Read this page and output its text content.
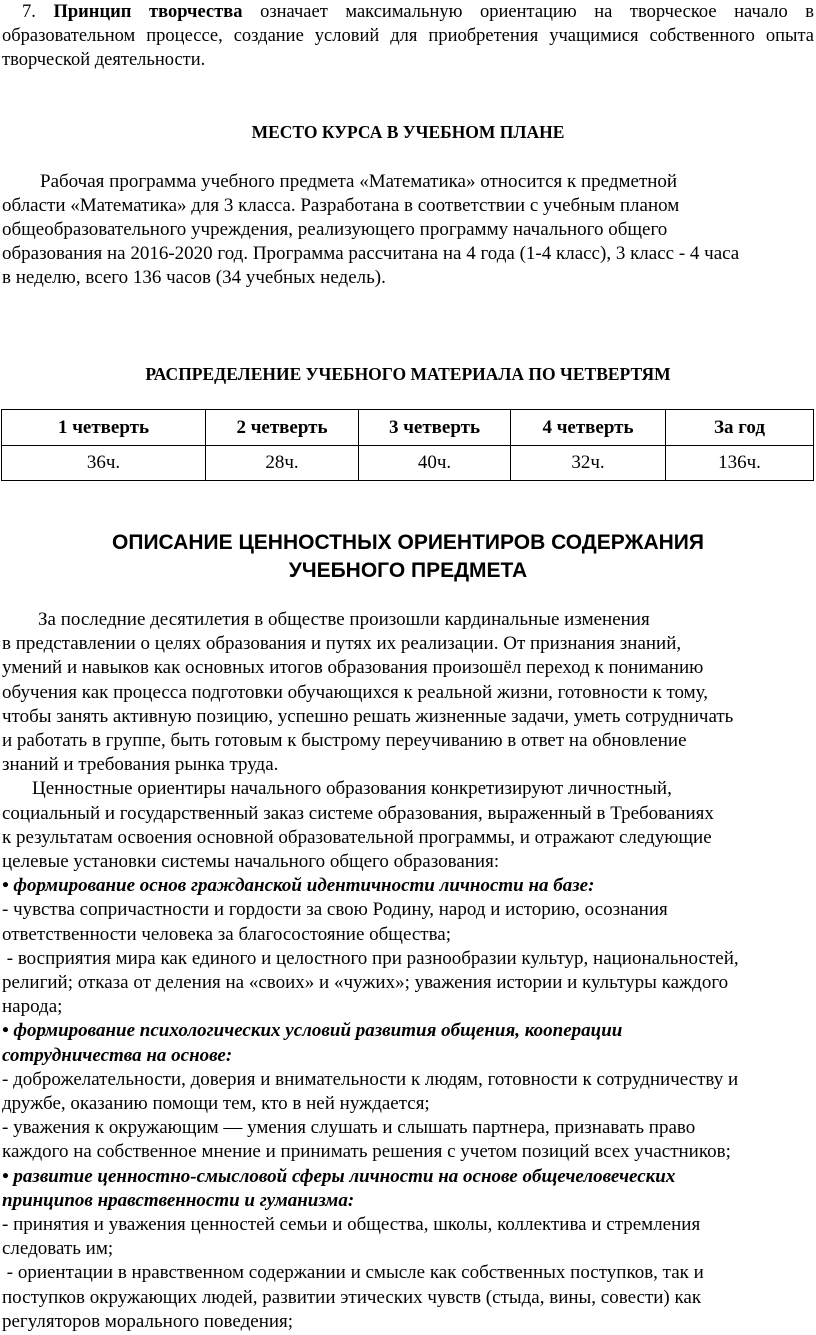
7. Принцип творчества означает максимальную ориентацию на творческое начало в образовательном процессе, создание условий для приобретения учащимися собственного опыта творческой деятельности.

МЕСТО КУРСА В УЧЕБНОМ ПЛАНЕ
Рабочая программа учебного предмета «Математика» относится к предметной
области «Математика» для 3 класса. Разработана в соответствии с учебным планом
общеобразовательного учреждения, реализующего программу начального общего
образования на 2016-2020 год. Программа рассчитана на 4 года (1-4 класс), 3 класс - 4 часа
в неделю, всего 136 часов (34 учебных недель).
РАСПРЕДЕЛЕНИЕ УЧЕБНОГО МАТЕРИАЛА ПО ЧЕТВЕРТЯМ
1 четверть	2 четверть	3 четверть	4 четверть	За год
36ч.	28ч.	40ч.	32ч.	136ч.
ОПИСАНИЕ ЦЕННОСТНЫХ ОРИЕНТИРОВ СОДЕРЖАНИЯ
УЧЕБНОГО ПРЕДМЕТА
За последние десятилетия в обществе произошли кардинальные изменения
в представлении о целях образования и путях их реализации. От признания знаний,
умений и навыков как основных итогов образования произошёл переход к пониманию
обучения как процесса подготовки обучающихся к реальной жизни, готовности к тому,
чтобы занять активную позицию, успешно решать жизненные задачи, уметь сотрудничать
и работать в группе, быть готовым к быстрому переучиванию в ответ на обновление
знаний и требования рынка труда.
Ценностные ориентиры начального образования конкретизируют личностный,
социальный и государственный заказ системе образования, выраженный в Требованиях
к результатам освоения основной образовательной программы, и отражают следующие
целевые установки системы начального общего образования:
• формирование основ гражданской идентичности личности на базе:
- чувства сопричастности и гордости за свою Родину, народ и историю, осознания
ответственности человека за благосостояние общества;
- восприятия мира как единого и целостного при разнообразии культур, национальностей,
религий; отказа от деления на «своих» и «чужих»; уважения истории и культуры каждого
народа;
• формирование психологических условий развития общения, кооперации
сотрудничества на основе:
- доброжелательности, доверия и внимательности к людям, готовности к сотрудничеству и
дружбе, оказанию помощи тем, кто в ней нуждается;
- уважения к окружающим — умения слушать и слышать партнера, признавать право
каждого на собственное мнение и принимать решения с учетом позиций всех участников;
• развитие ценностно-смысловой сферы личности на основе общечеловеческих
принципов нравственности и гуманизма:
- принятия и уважения ценностей семьи и общества, школы, коллектива и стремления
следовать им;
- ориентации в нравственном содержании и смысле как собственных поступков, так и
поступков окружающих людей, развитии этических чувств (стыда, вины, совести) как
регуляторов морального поведения;
